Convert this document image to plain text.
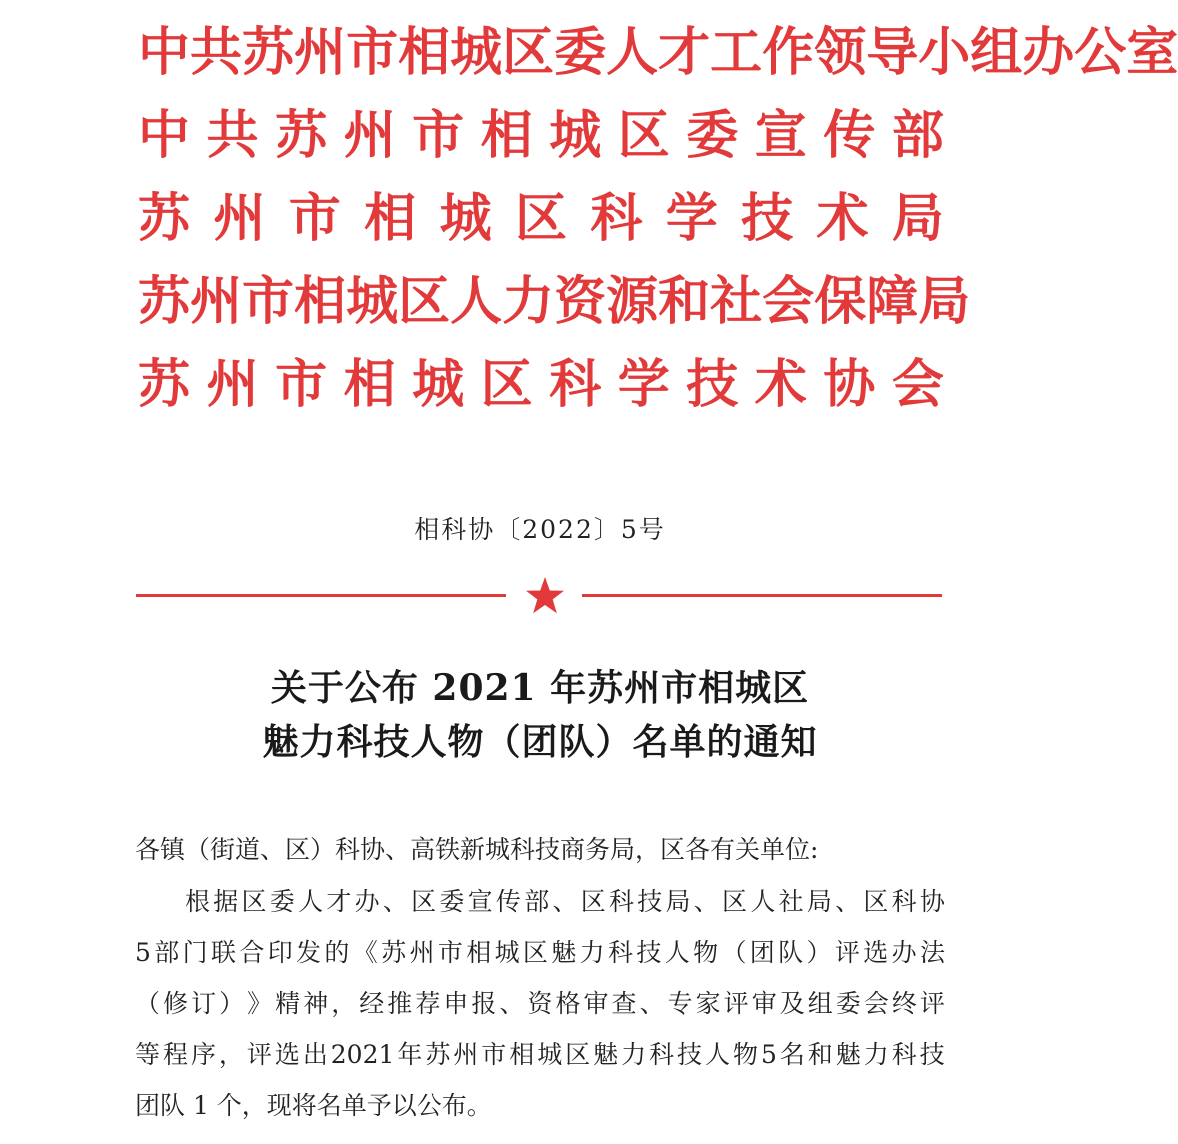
中 共 苏 州 市 相 城 区 委 人 才 工 作 领 导 小 组 办 公 室
中 共 苏 州 市 相 城 区 委 宣 传 部
苏 州 市 相 城 区 科 学 技 术 局
苏 州 市 相 城 区 人 力 资 源 和 社 会 保 障 局
苏 州 市 相 城 区 科 学 技 术 协 会
相科协〔2022〕5号
关于公布 2021 年苏州市相城区
魅力科技人物（团队）名单的通知
各镇（街道、区）科协、高铁新城科技商务局，区各有关单位:
根 据 区 委 人 才 办 、 区 委 宣 传 部 、 区 科 技 局 、 区 人 社 局 、 区 科 协
5 部 门 联 合 印 发 的 《 苏 州 市 相 城 区 魅 力 科 技 人 物 （ 团 队 ） 评 选 办 法
（ 修 订 ） 》 精 神 ， 经 推 荐 申 报 、 资 格 审 查 、 专 家 评 审 及 组 委 会 终 评
等 程 序 ， 评 选 出 2021 年 苏 州 市 相 城 区 魅 力 科 技 人 物 5 名 和 魅 力 科 技
团队 1 个，现将名单予以公布。
